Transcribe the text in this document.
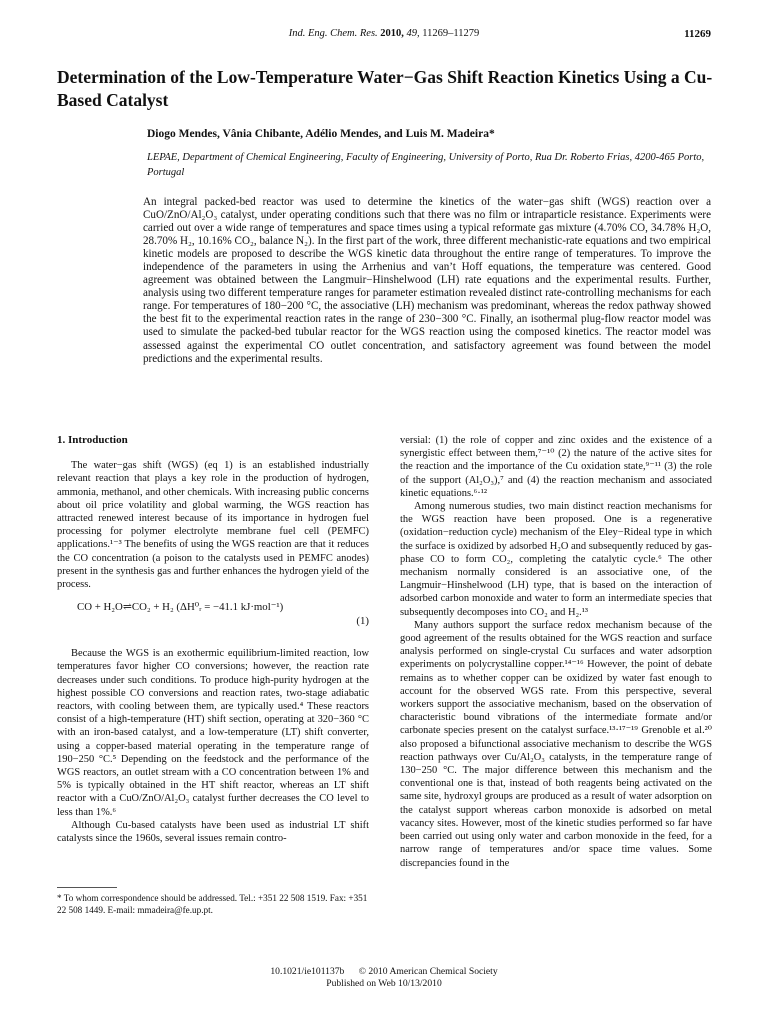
Ind. Eng. Chem. Res. 2010, 49, 11269–11279	11269
Determination of the Low-Temperature Water−Gas Shift Reaction Kinetics Using a Cu-Based Catalyst
Diogo Mendes, Vânia Chibante, Adélio Mendes, and Luis M. Madeira*
LEPAE, Department of Chemical Engineering, Faculty of Engineering, University of Porto, Rua Dr. Roberto Frias, 4200-465 Porto, Portugal
An integral packed-bed reactor was used to determine the kinetics of the water−gas shift (WGS) reaction over a CuO/ZnO/Al₂O₃ catalyst, under operating conditions such that there was no film or intraparticle resistance. Experiments were carried out over a wide range of temperatures and space times using a typical reformate gas mixture (4.70% CO, 34.78% H₂O, 28.70% H₂, 10.16% CO₂, balance N₂). In the first part of the work, three different mechanistic-rate equations and two empirical kinetic models are proposed to describe the WGS kinetic data throughout the entire range of temperatures. To improve the independence of the parameters in using the Arrhenius and van’t Hoff equations, the temperature was centered. Good agreement was obtained between the Langmuir−Hinshelwood (LH) rate equations and the experimental results. Further, analysis using two different temperature ranges for parameter estimation revealed distinct rate-controlling mechanisms for each range. For temperatures of 180−200 °C, the associative (LH) mechanism was predominant, whereas the redox pathway showed the best fit to the experimental reaction rates in the range of 230−300 °C. Finally, an isothermal plug-flow reactor model was used to simulate the packed-bed tubular reactor for the WGS reaction using the composed kinetics. The reactor model was assessed against the experimental CO outlet concentration, and satisfactory agreement was found between the model predictions and the experimental results.
1. Introduction

The water−gas shift (WGS) (eq 1) is an established industrially relevant reaction that plays a key role in the production of hydrogen, ammonia, methanol, and other chemicals. With increasing public concerns about oil price volatility and global warming, the WGS reaction has attracted renewed interest because of its importance in hydrogen fuel processing for polymer electrolyte membrane fuel cell (PEMFC) applications.¹⁻³ The benefits of using the WGS reaction are that it reduces the CO concentration (a poison to the catalysts used in PEMFC anodes) present in the synthesis gas and further enhances the hydrogen yield of the process.

CO + H₂O⇌CO₂ + H₂ (ΔH⁰ᵣ = −41.1 kJ·mol⁻¹)
(1)

Because the WGS is an exothermic equilibrium-limited reaction, low temperatures favor higher CO conversions; however, the reaction rate decreases under such conditions. To produce high-purity hydrogen at the highest possible CO conversions and reaction rates, two-stage adiabatic reactors, with cooling between them, are typically used.⁴ These reactors consist of a high-temperature (HT) shift section, operating at 320−360 °C with an iron-based catalyst, and a low-temperature (LT) shift converter, using a copper-based material operating in the temperature range of 190−250 °C.⁵ Depending on the feedstock and the performance of the WGS reactors, an outlet stream with a CO concentration between 1% and 5% is typically obtained in the HT shift reactor, whereas an LT shift reactor with a CuO/ZnO/Al₂O₃ catalyst further decreases the CO level to less than 1%.⁶

Although Cu-based catalysts have been used as industrial LT shift catalysts since the 1960s, several issues remain contro-

* To whom correspondence should be addressed. Tel.: +351 22 508 1519. Fax: +351 22 508 1449. E-mail: mmadeira@fe.up.pt.

versial: (1) the role of copper and zinc oxides and the existence of a synergistic effect between them,⁷⁻¹⁰ (2) the nature of the active sites for the reaction and the importance of the Cu oxidation state,⁹⁻¹¹ (3) the role of the support (Al₂O₃),⁷ and (4) the reaction mechanism and associated kinetic equations.⁶·¹²

Among numerous studies, two main distinct reaction mechanisms for the WGS reaction have been proposed. One is a regenerative (oxidation−reduction cycle) mechanism of the Eley−Rideal type in which the surface is oxidized by adsorbed H₂O and subsequently reduced by gas-phase CO to form CO₂, completing the catalytic cycle.⁶ The other mechanism normally considered is an associative one, of the Langmuir−Hinshelwood (LH) type, that is based on the interaction of adsorbed carbon monoxide and water to form an intermediate species that subsequently decomposes into CO₂ and H₂.¹³

Many authors support the surface redox mechanism because of the good agreement of the results obtained for the WGS reaction and surface analysis performed on single-crystal Cu surfaces and water adsorption experiments on polycrystalline copper.¹⁴⁻¹⁶ However, the point of debate remains as to whether copper can be oxidized by water fast enough to account for the observed WGS rate. From this perspective, several workers support the associative mechanism, based on the observation of characteristic bound vibrations of the intermediate formate and/or carbonate species present on the catalyst surface.¹³·¹⁷⁻¹⁹ Grenoble et al.²⁰ also proposed a bifunctional associative mechanism to describe the WGS reaction pathways over Cu/Al₂O₃ catalysts, in the temperature range of 130−250 °C. The major difference between this mechanism and the conventional one is that, instead of both reagents being activated on the same site, hydroxyl groups are produced as a result of water adsorption on the catalyst support whereas carbon monoxide is adsorbed on metal vacancy sites. However, most of the kinetic studies performed so far have been carried out using only water and carbon monoxide in the feed, for a narrow range of temperatures and/or space time values. Some discrepancies found in the

10.1021/ie101137b © 2010 American Chemical Society
Published on Web 10/13/2010
